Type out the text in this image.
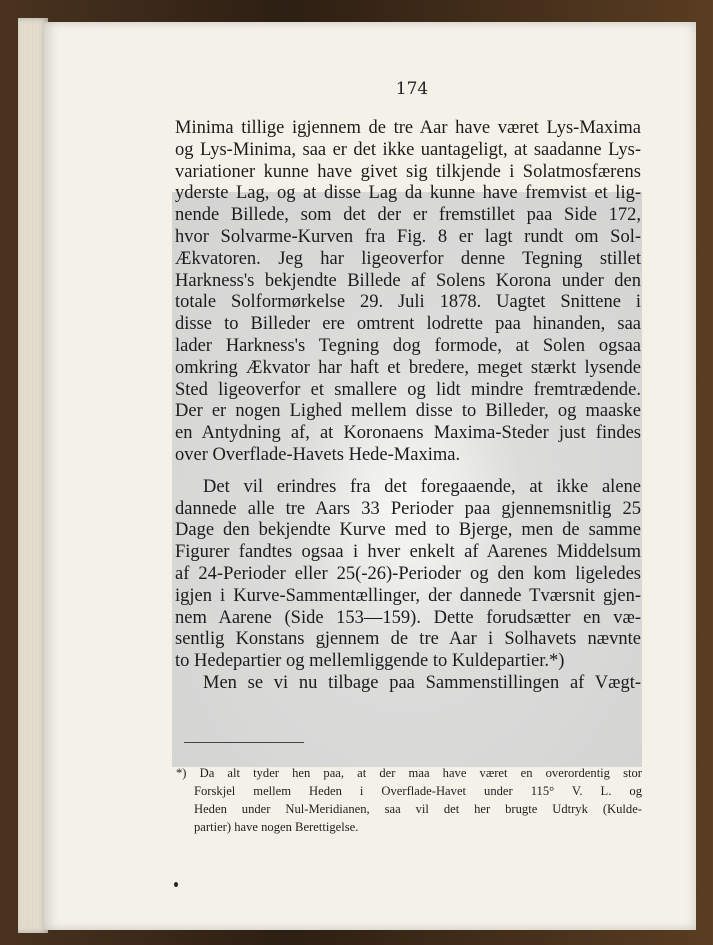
174
Minima tillige igjennem de tre Aar have været Lys-Maxima
og Lys-Minima, saa er det ikke uantageligt, at saadanne Lys-
variationer kunne have givet sig tilkjende i Solatmosfærens
yderste Lag, og at disse Lag da kunne have fremvist et lig-
nende Billede, som det der er fremstillet paa Side 172,
hvor Solvarme-Kurven fra Fig. 8 er lagt rundt om Sol-
Ækvatoren. Jeg har ligeoverfor denne Tegning stillet
Harkness's bekjendte Billede af Solens Korona under den
totale Solformørkelse 29. Juli 1878. Uagtet Snittene i
disse to Billeder ere omtrent lodrette paa hinanden, saa
lader Harkness's Tegning dog formode, at Solen ogsaa
omkring Ækvator har haft et bredere, meget stærkt lysende
Sted ligeoverfor et smallere og lidt mindre fremtrædende.
Der er nogen Lighed mellem disse to Billeder, og maaske
en Antydning af, at Koronaens Maxima-Steder just findes
over Overflade-Havets Hede-Maxima.
Det vil erindres fra det foregaaende, at ikke alene
dannede alle tre Aars 33 Perioder paa gjennemsnitlig 25
Dage den bekjendte Kurve med to Bjerge, men de samme
Figurer fandtes ogsaa i hver enkelt af Aarenes Middelsum
af 24-Perioder eller 25(-26)-Perioder og den kom ligeledes
igjen i Kurve-Sammentællinger, der dannede Tværsnit gjen-
nem Aarene (Side 153—159). Dette forudsætter en væ-
sentlig Konstans gjennem de tre Aar i Solhavets nævnte
to Hedepartier og mellemliggende to Kuldepartier.*)
Men se vi nu tilbage paa Sammenstillingen af Vægt-
*) Da alt tyder hen paa, at der maa have været en overordentig stor
Forskjel mellem Heden i Overflade-Havet under 115° V. L. og
Heden under Nul-Meridianen, saa vil det her brugte Udtryk (Kulde-
partier) have nogen Berettigelse.
